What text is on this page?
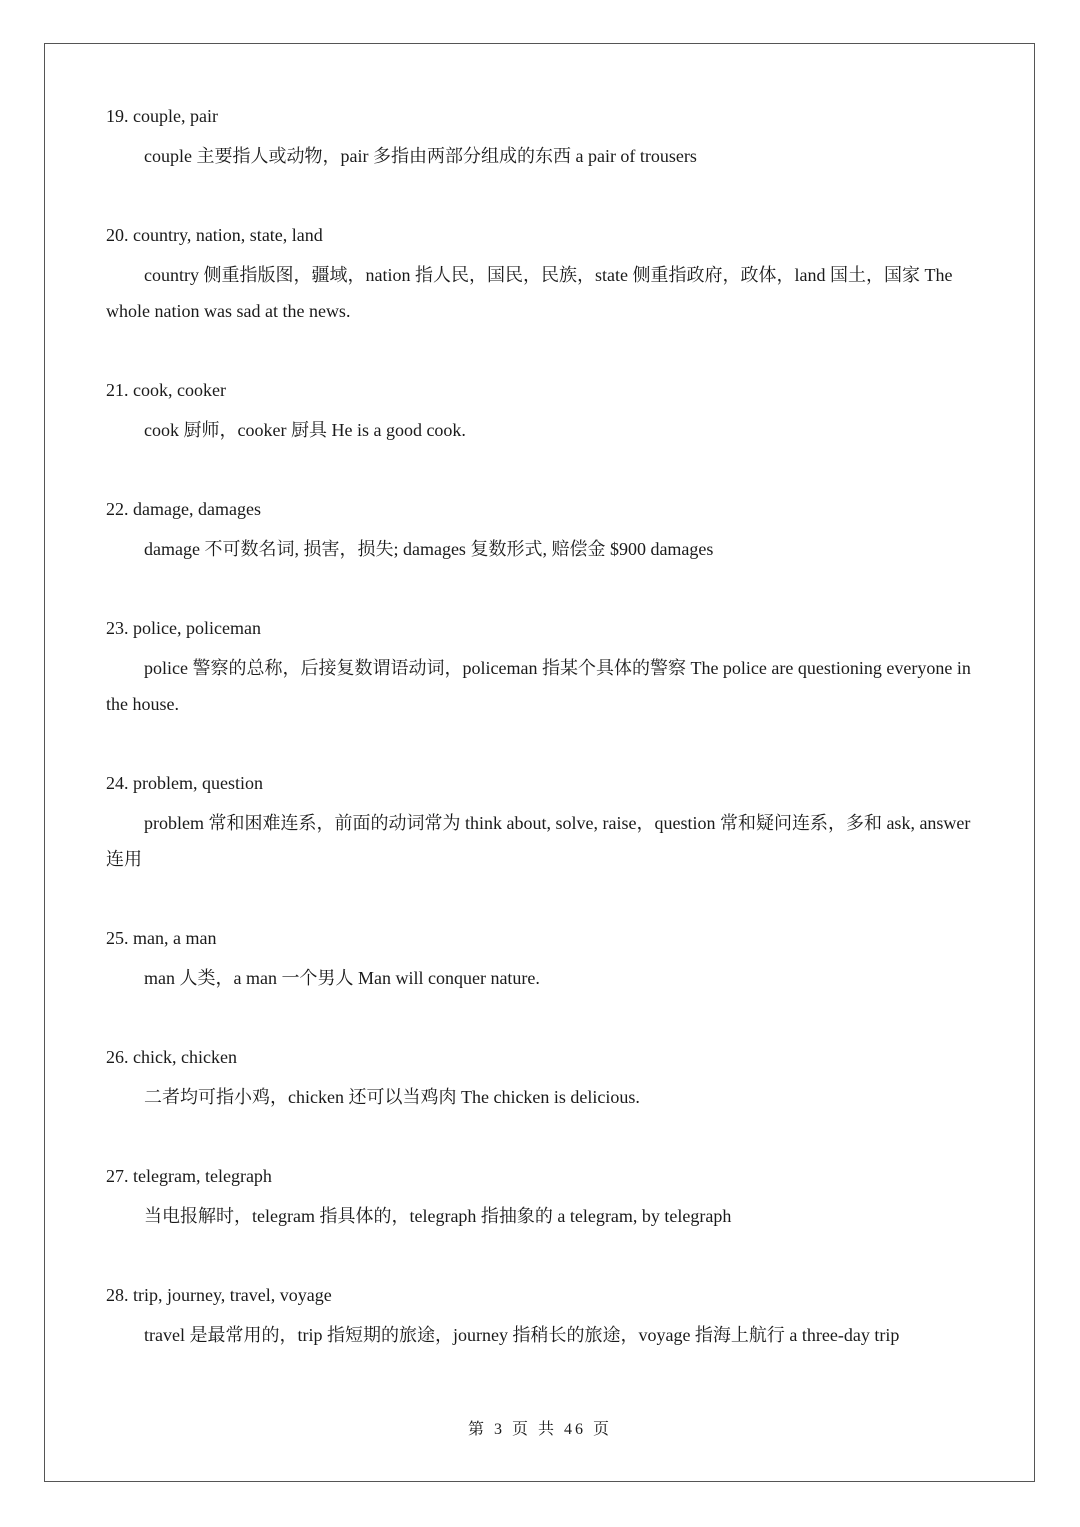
19. couple, pair

couple 主要指人或动物，pair 多指由两部分组成的东西 a pair of trousers

20. country, nation, state, land

country 侧重指版图，疆域，nation 指人民，国民，民族，state 侧重指政府，政体，land 国土，国家 The whole nation was sad at the news.

21. cook, cooker

cook 厨师，cooker 厨具 He is a good cook.

22. damage, damages

damage 不可数名词, 损害，损失; damages 复数形式, 赔偿金 $900 damages

23. police, policeman

police 警察的总称，后接复数谓语动词，policeman 指某个具体的警察 The police are questioning everyone in the house.

24. problem, question

problem 常和困难连系，前面的动词常为 think about, solve, raise，question 常和疑问连系，多和 ask, answer 连用

25. man, a man

man 人类，a man 一个男人 Man will conquer nature.

26. chick, chicken

二者均可指小鸡，chicken 还可以当鸡肉 The chicken is delicious.

27. telegram, telegraph

当电报解时，telegram 指具体的，telegraph 指抽象的 a telegram, by telegraph

28. trip, journey, travel, voyage

travel 是最常用的，trip 指短期的旅途，journey 指稍长的旅途，voyage 指海上航行 a three-day trip

第 3 页 共 46 页
